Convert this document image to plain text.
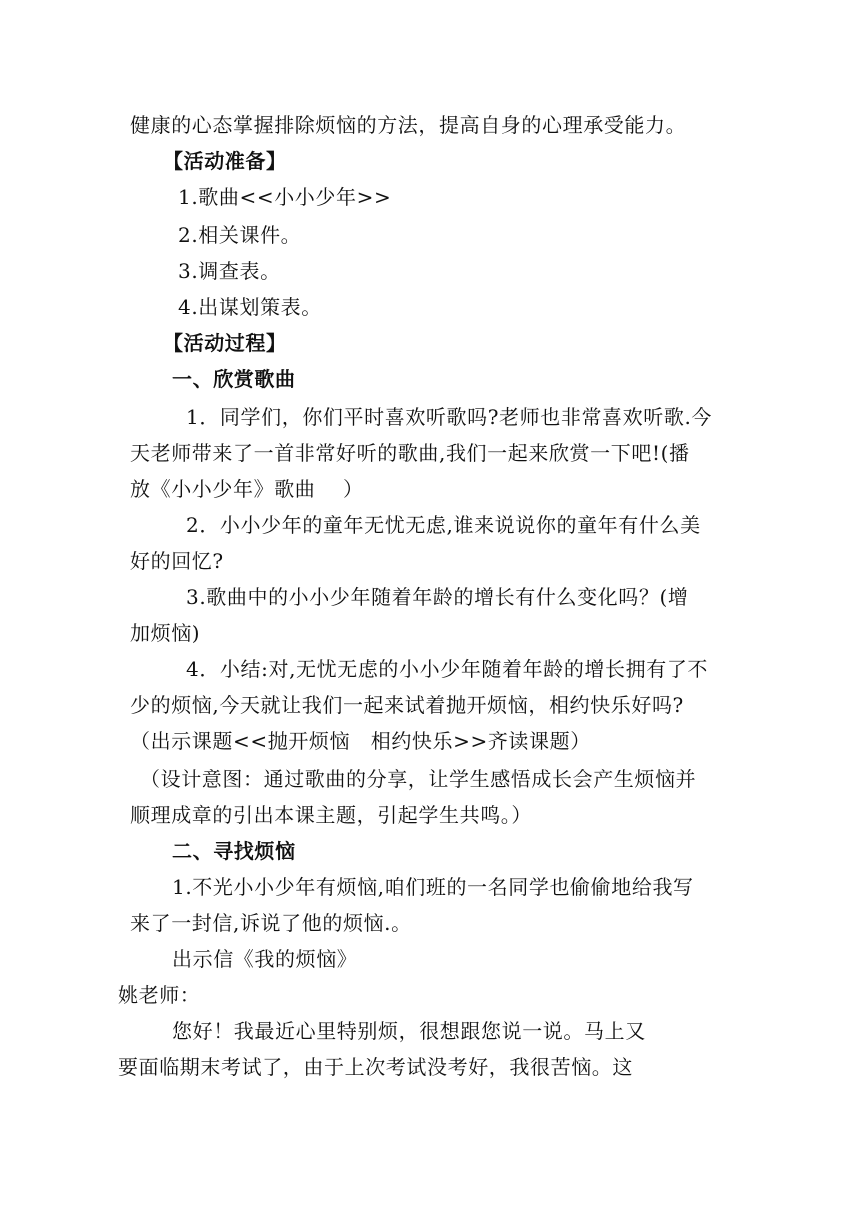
健康的心态掌握排除烦恼的方法，提高自身的心理承受能力。
【活动准备】
1.歌曲<<小小少年>>
2.相关课件。
3.调查表。
4.出谋划策表。
【活动过程】
一、欣赏歌曲
1．同学们，你们平时喜欢听歌吗?老师也非常喜欢听歌.今
天老师带来了一首非常好听的歌曲,我们一起来欣赏一下吧!(播
放《小小少年》歌曲　 ）
2．小小少年的童年无忧无虑,谁来说说你的童年有什么美
好的回忆?
3.歌曲中的小小少年随着年龄的增长有什么变化吗？(增
加烦恼)
4．小结:对,无忧无虑的小小少年随着年龄的增长拥有了不
少的烦恼,今天就让我们一起来试着抛开烦恼，相约快乐好吗?
（出示课题<<抛开烦恼　相约快乐>>齐读课题）
（设计意图：通过歌曲的分享，让学生感悟成长会产生烦恼并
顺理成章的引出本课主题，引起学生共鸣。）
二、寻找烦恼
1.不光小小少年有烦恼,咱们班的一名同学也偷偷地给我写
来了一封信,诉说了他的烦恼.。
出示信《我的烦恼》
姚老师：
您好！我最近心里特别烦，很想跟您说一说。马上又
要面临期末考试了，由于上次考试没考好，我很苦恼。这
